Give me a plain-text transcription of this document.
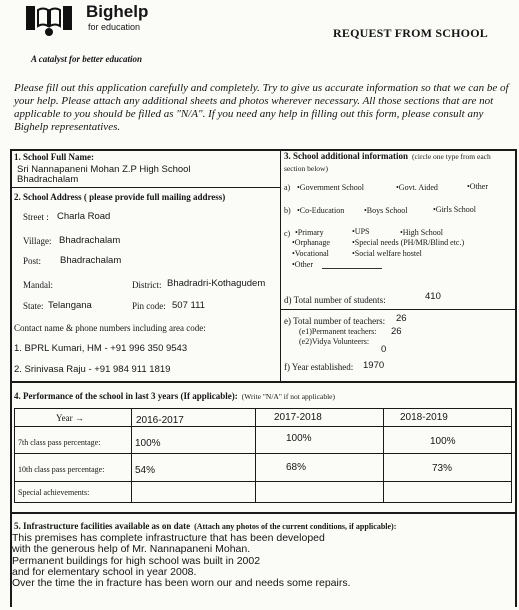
Bighelp
for education
A catalyst for better education
REQUEST FROM SCHOOL
Please fill out this application carefully and completely. Try to give us accurate information so that we can be of your help. Please attach any additional sheets and photos wherever necessary. All those sections that are not applicable to you should be filled as "N/A". If you need any help in filling out this form, please consult any Bighelp representatives.
1. School Full Name:
Sri Nannapaneni Mohan Z.P High School
Bhadrachalam
2. School Address ( please provide full mailing address)
Street : Charla Road
Village: Bhadrachalam
Post: Bhadrachalam
Mandal:	District: Bhadradri-Kothagudem
State: Telangana	Pin code: 507 111
Contact name & phone numbers including area code:
1. BPRL Kumari, HM - +91 996 350 9543
2. Srinivasa Raju - +91 984 911 1819
3. School additional information (circle one type from each
section below)
a) •Government School	•Govt. Aided	•Other
b) •Co-Education •Boys School	•Girls School
c) •Primary	•UPS	•High School
•Orphanage	•Special needs (PH/MR/Blind etc.)
•Vocational	•Social welfare hostel
•Other
d) Total number of students:	410
e) Total number of teachers: 26
(e1)Permanent teachers: 26
(e2)Vidya Volunteers:
0
f) Year established: 1970
4. Performance of the school in last 3 years (If applicable): (Write "N/A" if not applicable)
Year →	2016-2017	2017-2018	2018-2019
7th class pass percentage:	100%	100%	100%
10th class pass percentage:	54%	68%	73%
Special achievements:
5. Infrastructure facilities available as on date (Attach any photos of the current conditions, if applicable):
This premises has complete infrastructure that has been developed
with the generous help of Mr. Nannapaneni Mohan.
Permanent buildings for high school was built in 2002
and for elementary school in year 2008.
Over the time the in fracture has been worn our and needs some repairs.
